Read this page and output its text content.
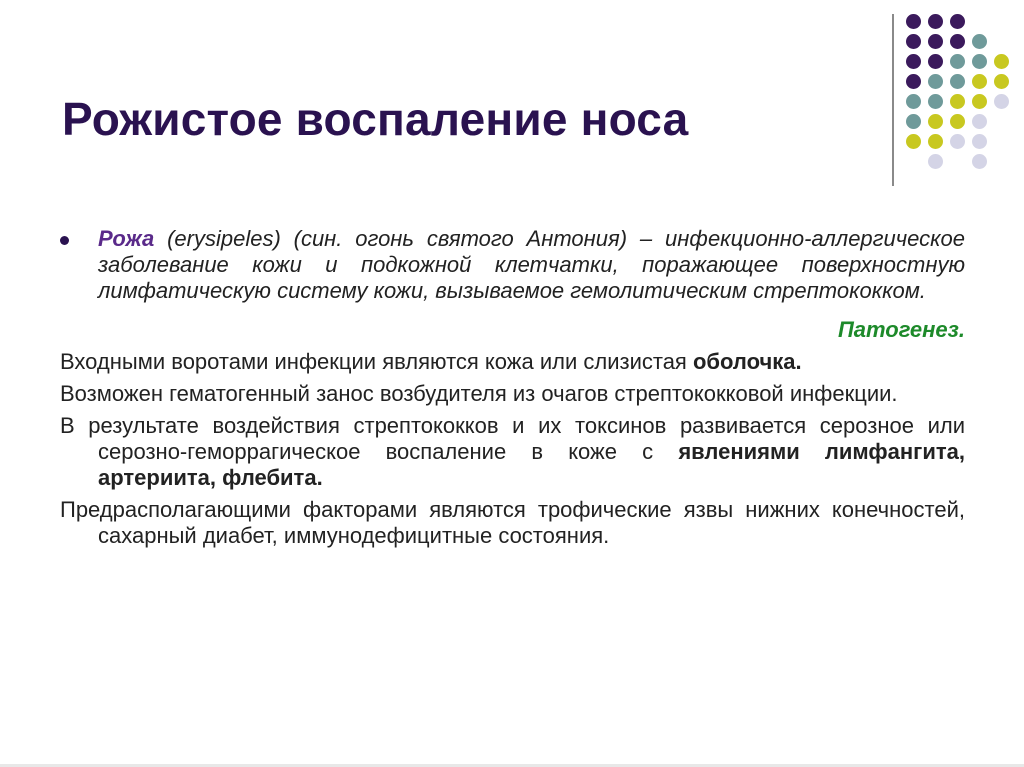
Рожистое воспаление носа
Рожа (erysipeles) (син. огонь святого Антония) – инфекционно-аллергическое заболевание кожи и подкожной клетчатки, поражающее поверхностную лимфатическую систему кожи, вызываемое гемолитическим стрептококком.
Патогенез.
Входными воротами инфекции являются кожа или слизистая оболочка.
Возможен гематогенный занос возбудителя из очагов стрептококковой инфекции.
В результате воздействия стрептококков и их токсинов развивается серозное или серозно-геморрагическое воспаление в коже с явлениями лимфангита, артериита, флебита.
Предрасполагающими факторами являются трофические язвы нижних конечностей, сахарный диабет, иммунодефицитные состояния.
